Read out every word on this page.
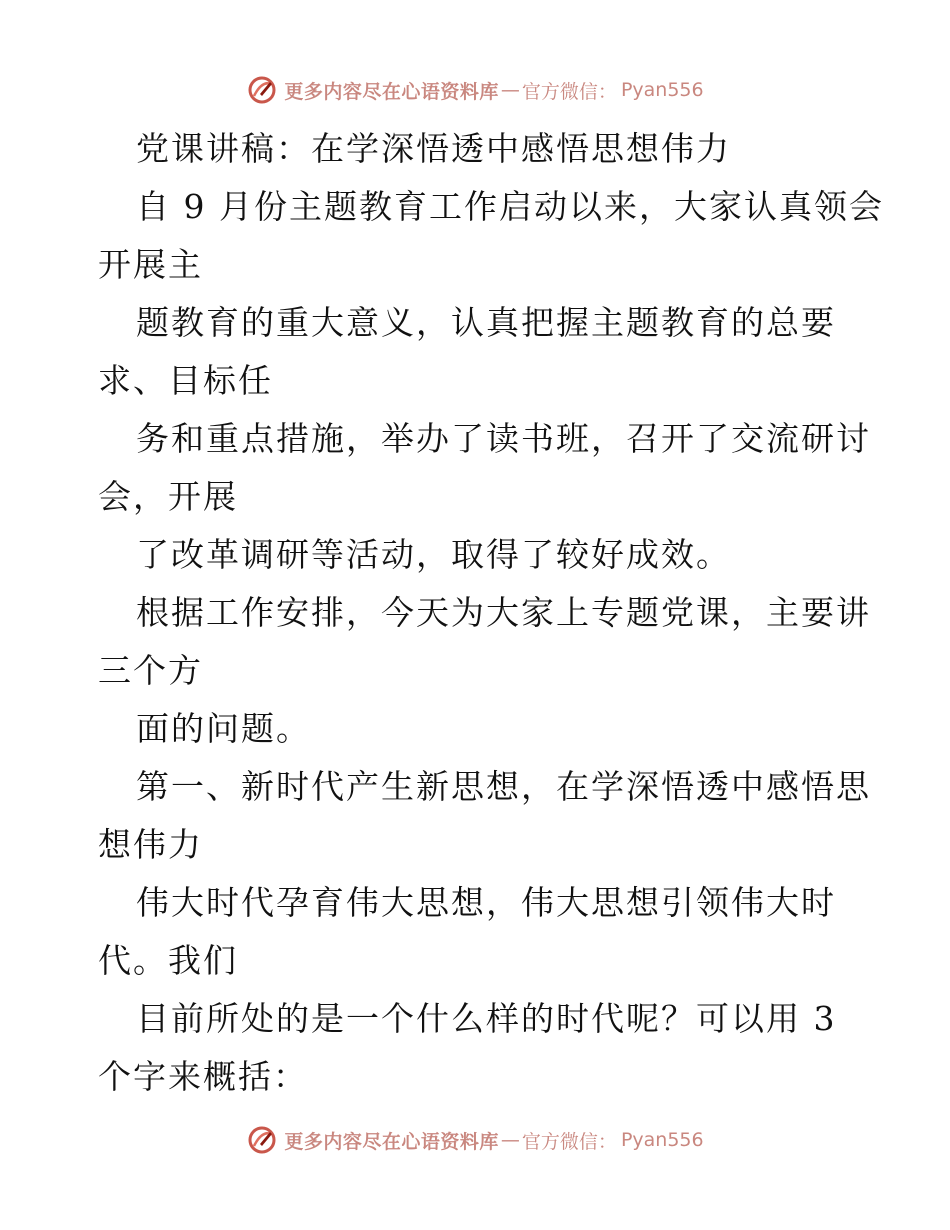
更多内容尽在心语资料库 — 官方微信： Pyan556
党课讲稿：在学深悟透中感悟思想伟力
自 9 月份主题教育工作启动以来，大家认真领会
开展主
题教育的重大意义，认真把握主题教育的总要
求、目标任
务和重点措施，举办了读书班，召开了交流研讨
会，开展
了改革调研等活动，取得了较好成效。
根据工作安排，今天为大家上专题党课，主要讲
三个方
面的问题。
第一、新时代产生新思想，在学深悟透中感悟思
想伟力
伟大时代孕育伟大思想，伟大思想引领伟大时
代。我们
目前所处的是一个什么样的时代呢？可以用 3
个字来概括：
更多内容尽在心语资料库 — 官方微信： Pyan556
